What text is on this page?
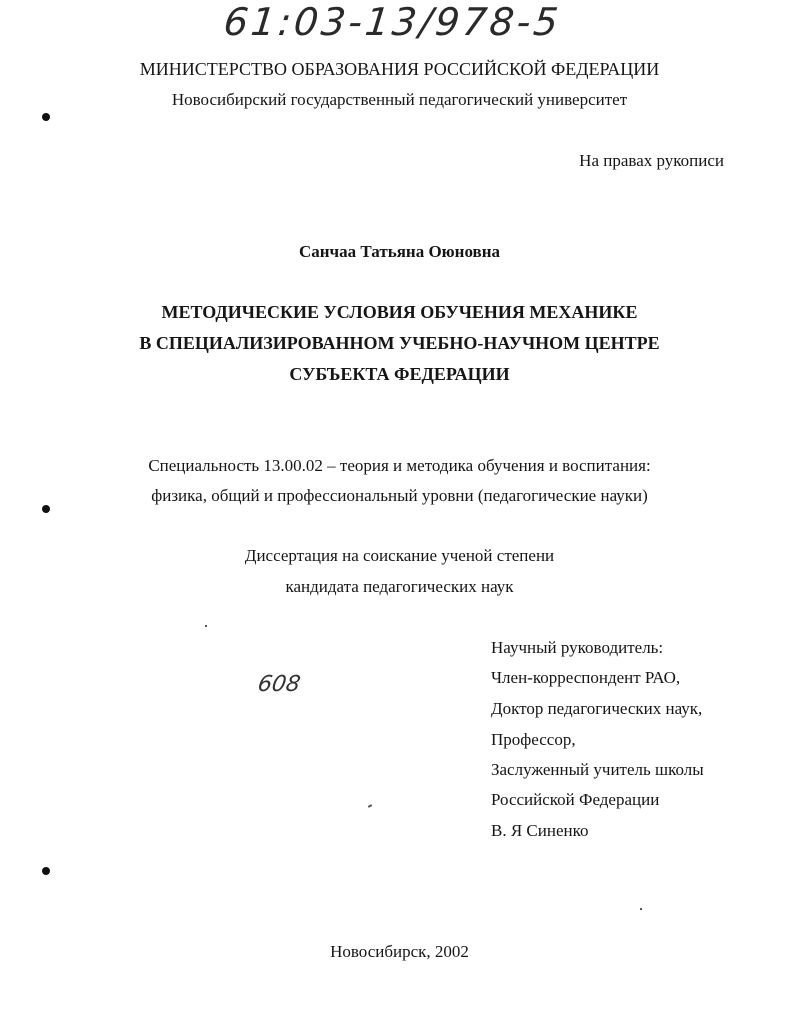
61:03-13/978-5
МИНИСТЕРСТВО ОБРАЗОВАНИЯ РОССИЙСКОЙ ФЕДЕРАЦИИ
Новосибирский государственный педагогический университет
На правах рукописи
Санчаа Татьяна Оюновна
МЕТОДИЧЕСКИЕ УСЛОВИЯ ОБУЧЕНИЯ МЕХАНИКЕ
В СПЕЦИАЛИЗИРОВАННОМ УЧЕБНО-НАУЧНОМ ЦЕНТРЕ
СУБЪЕКТА ФЕДЕРАЦИИ
Специальность 13.00.02 – теория и методика обучения и воспитания:
физика, общий и профессиональный уровни (педагогические науки)
Диссертация на соискание ученой степени
кандидата педагогических наук
608
Научный руководитель:
Член-корреспондент РАО,
Доктор педагогических наук,
Профессор,
Заслуженный учитель школы
Российской Федерации
В. Я Синенко
Новосибирск, 2002
